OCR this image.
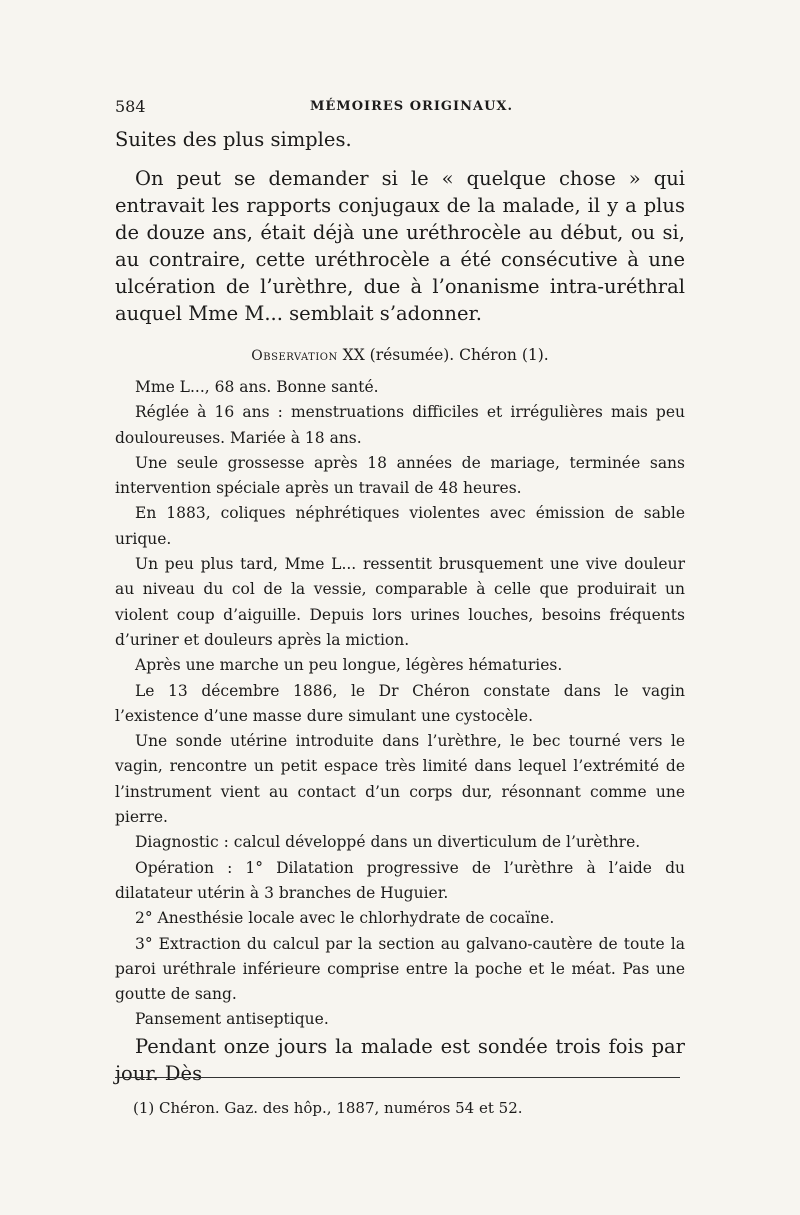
584	MÉMOIRES ORIGINAUX.

Suites des plus simples.

On peut se demander si le « quelque chose » qui entravait les rapports conjugaux de la malade, il y a plus de douze ans, était déjà une uréthrocèle au début, ou si, au contraire, cette uréthrocèle a été consécutive à une ulcération de l’urèthre, due à l’onanisme intra-uréthral auquel Mme M... semblait s’adonner.

Observation XX (résumée). Chéron (1).

Mme L..., 68 ans. Bonne santé.

Réglée à 16 ans : menstruations difficiles et irrégulières mais peu douloureuses. Mariée à 18 ans.

Une seule grossesse après 18 années de mariage, terminée sans intervention spéciale après un travail de 48 heures.

En 1883, coliques néphrétiques violentes avec émission de sable urique.

Un peu plus tard, Mme L... ressentit brusquement une vive douleur au niveau du col de la vessie, comparable à celle que produirait un violent coup d’aiguille. Depuis lors urines louches, besoins fréquents d’uriner et douleurs après la miction.

Après une marche un peu longue, légères hématuries.

Le 13 décembre 1886, le Dr Chéron constate dans le vagin l’existence d’une masse dure simulant une cystocèle.

Une sonde utérine introduite dans l’urèthre, le bec tourné vers le vagin, rencontre un petit espace très limité dans lequel l’extrémité de l’instrument vient au contact d’un corps dur, résonnant comme une pierre.

Diagnostic : calcul développé dans un diverticulum de l’urèthre.

Opération : 1° Dilatation progressive de l’urèthre à l’aide du dilatateur utérin à 3 branches de Huguier.

2° Anesthésie locale avec le chlorhydrate de cocaïne.

3° Extraction du calcul par la section au galvano-cautère de toute la paroi uréthrale inférieure comprise entre la poche et le méat. Pas une goutte de sang.

Pansement antiseptique.

Pendant onze jours la malade est sondée trois fois par jour. Dès

(1) Chéron. Gaz. des hôp., 1887, numéros 54 et 52.
